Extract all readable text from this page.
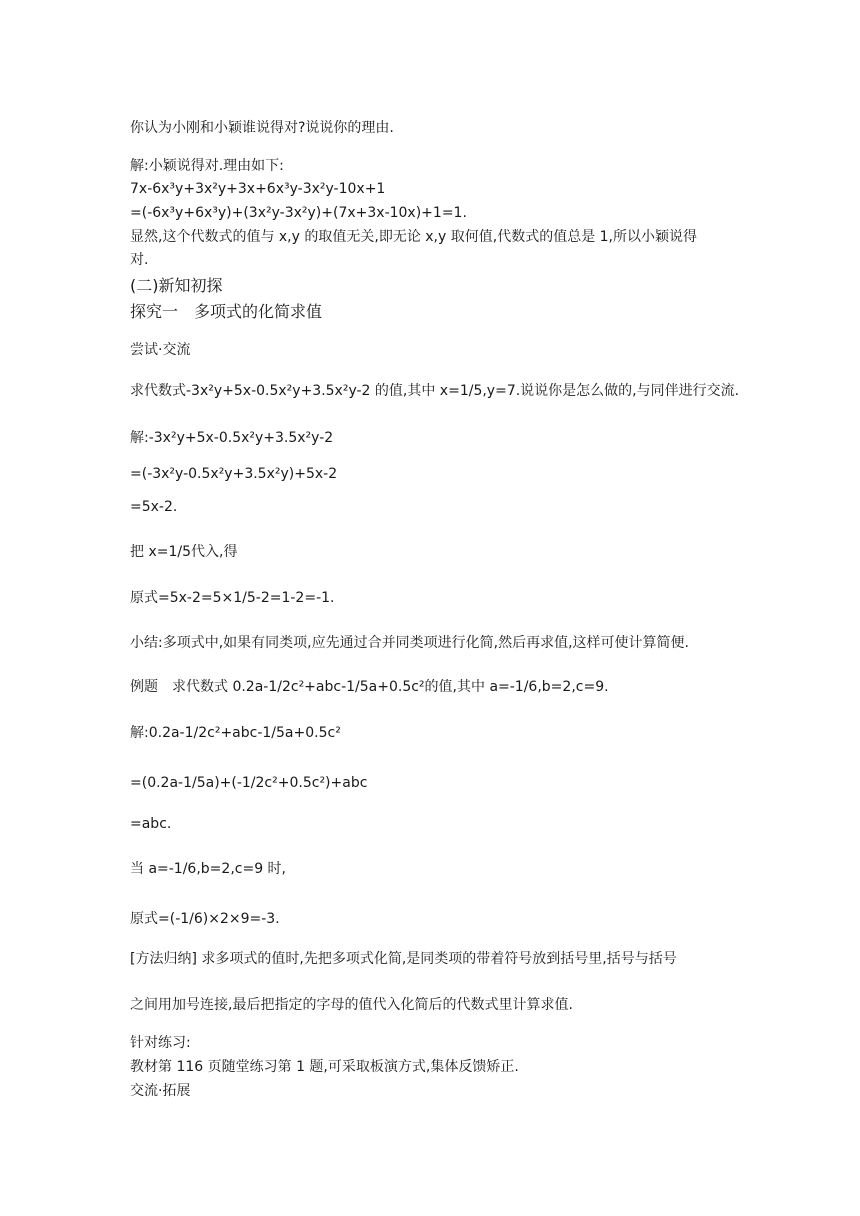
你认为小刚和小颖谁说得对?说说你的理由.
解:小颖说得对.理由如下:
7x-6x³y+3x²y+3x+6x³y-3x²y-10x+1
=(-6x³y+6x³y)+(3x²y-3x²y)+(7x+3x-10x)+1=1.
显然,这个代数式的值与 x,y 的取值无关,即无论 x,y 取何值,代数式的值总是 1,所以小颖说得
对.
(二)新知初探
探究一　多项式的化简求值
尝试·交流
求代数式-3x²y+5x-0.5x²y+3.5x²y-2 的值,其中 x=1/5,y=7.说说你是怎么做的,与同伴进行交流.
解:-3x²y+5x-0.5x²y+3.5x²y-2
=(-3x²y-0.5x²y+3.5x²y)+5x-2
=5x-2.
把 x=1/5代入,得
原式=5x-2=5×1/5-2=1-2=-1.
小结:多项式中,如果有同类项,应先通过合并同类项进行化简,然后再求值,这样可使计算简便.
例题　求代数式 0.2a-1/2c²+abc-1/5a+0.5c²的值,其中 a=-1/6,b=2,c=9.
解:0.2a-1/2c²+abc-1/5a+0.5c²
=(0.2a-1/5a)+(-1/2c²+0.5c²)+abc
=abc.
当 a=-1/6,b=2,c=9 时,
原式=(-1/6)×2×9=-3.
[方法归纳] 求多项式的值时,先把多项式化简,是同类项的带着符号放到括号里,括号与括号
之间用加号连接,最后把指定的字母的值代入化简后的代数式里计算求值.
针对练习:
教材第 116 页随堂练习第 1 题,可采取板演方式,集体反馈矫正.
交流·拓展
